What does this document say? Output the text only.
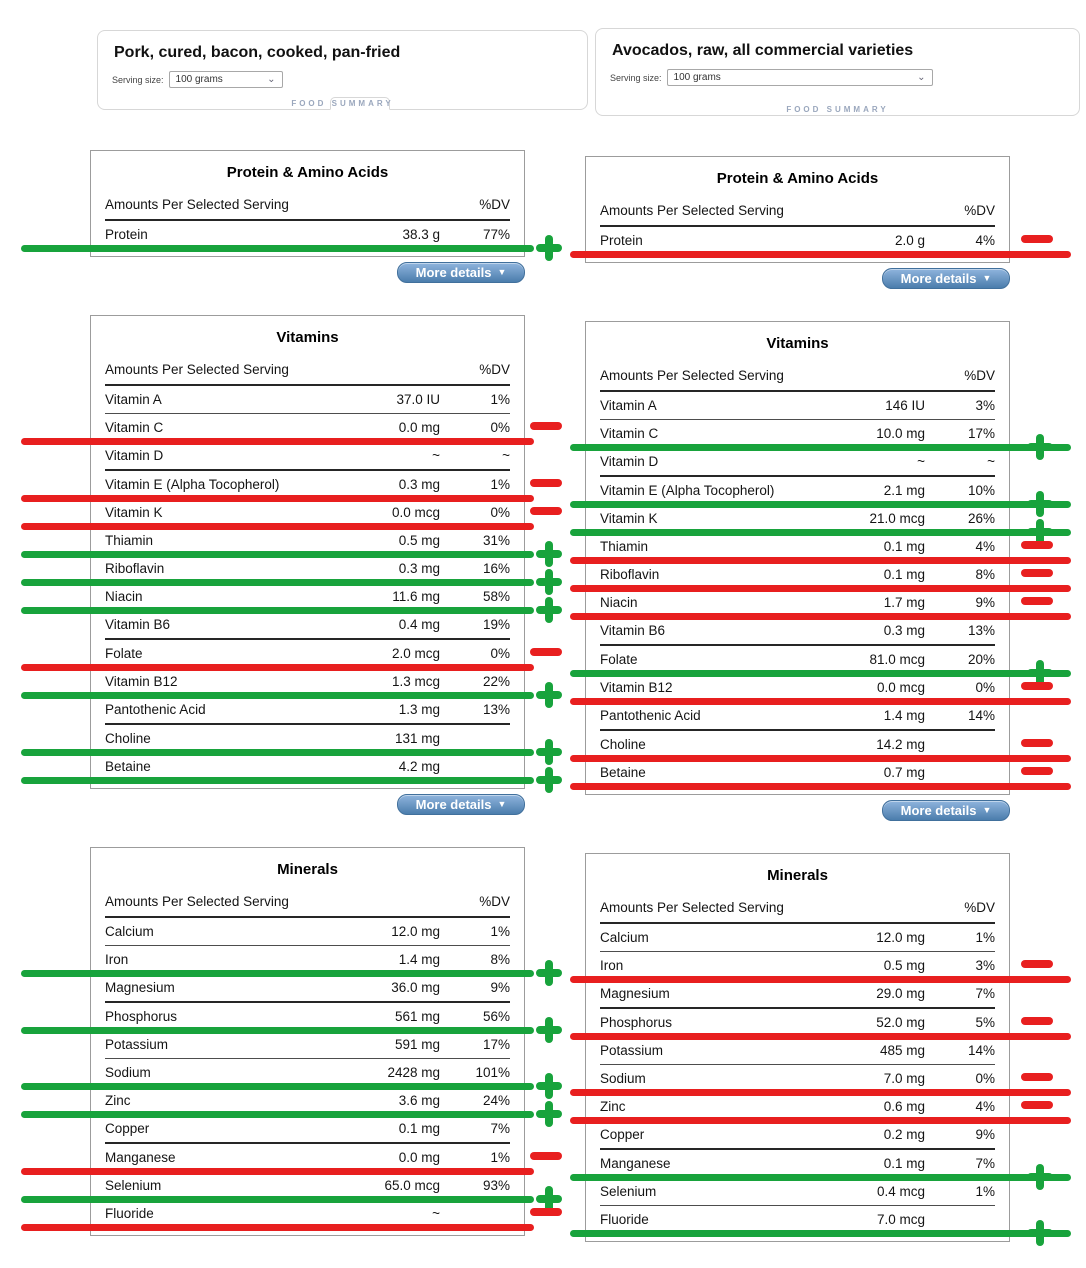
Pork, cured, bacon, cooked, pan-fried
Serving size: 100 grams	⌄
FOOD SUMMARY
Avocados, raw, all commercial varieties
Serving size: 100 grams	⌄
FOOD SUMMARY
Protein & Amino Acids
Amounts Per Selected Serving	%DV
Protein	38.3 g	77%
More details ▼
Protein & Amino Acids
Amounts Per Selected Serving	%DV
Protein	2.0 g	4%
More details ▼
Vitamins
Amounts Per Selected Serving	%DV
Vitamin A	37.0 IU	1%
Vitamin C	0.0 mg	0%
Vitamin D	~	~
Vitamin E (Alpha Tocopherol)	0.3 mg	1%
Vitamin K	0.0 mcg	0%
Thiamin	0.5 mg	31%
Riboflavin	0.3 mg	16%
Niacin	11.6 mg	58%
Vitamin B6	0.4 mg	19%
Folate	2.0 mcg	0%
Vitamin B12	1.3 mcg	22%
Pantothenic Acid	1.3 mg	13%
Choline	131 mg
Betaine	4.2 mg
More details ▼
Vitamins
Amounts Per Selected Serving	%DV
Vitamin A	146 IU	3%
Vitamin C	10.0 mg	17%
Vitamin D	~	~
Vitamin E (Alpha Tocopherol)	2.1 mg	10%
Vitamin K	21.0 mcg	26%
Thiamin	0.1 mg	4%
Riboflavin	0.1 mg	8%
Niacin	1.7 mg	9%
Vitamin B6	0.3 mg	13%
Folate	81.0 mcg	20%
Vitamin B12	0.0 mcg	0%
Pantothenic Acid	1.4 mg	14%
Choline	14.2 mg
Betaine	0.7 mg
More details ▼
Minerals
Amounts Per Selected Serving	%DV
Calcium	12.0 mg	1%
Iron	1.4 mg	8%
Magnesium	36.0 mg	9%
Phosphorus	561 mg	56%
Potassium	591 mg	17%
Sodium	2428 mg	101%
Zinc	3.6 mg	24%
Copper	0.1 mg	7%
Manganese	0.0 mg	1%
Selenium	65.0 mcg	93%
Fluoride	~
Minerals
Amounts Per Selected Serving	%DV
Calcium	12.0 mg	1%
Iron	0.5 mg	3%
Magnesium	29.0 mg	7%
Phosphorus	52.0 mg	5%
Potassium	485 mg	14%
Sodium	7.0 mg	0%
Zinc	0.6 mg	4%
Copper	0.2 mg	9%
Manganese	0.1 mg	7%
Selenium	0.4 mcg	1%
Fluoride	7.0 mcg
